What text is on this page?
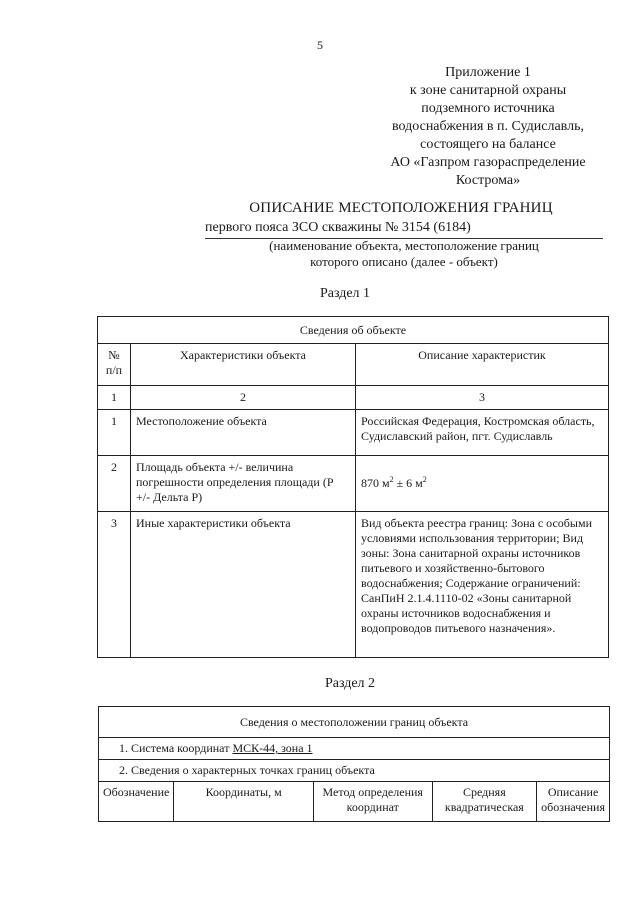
5
Приложение 1
к зоне санитарной охраны
подземного источника
водоснабжения в п. Судиславль,
состоящего на балансе
АО «Газпром газораспределение
Кострома»
ОПИСАНИЕ МЕСТОПОЛОЖЕНИЯ ГРАНИЦ
первого пояса ЗСО скважины № 3154 (6184)
(наименование объекта, местоположение границ
которого описано (далее - объект)
Раздел 1
Сведения об объекте		
№ п/п	Характеристики объекта	Описание характеристик
1	2	3
1	Местоположение объекта	Российская Федерация, Костромская область, Судиславский район, пгт. Судиславль
2	Площадь объекта +/- величина погрешности определения площади (Р +/- Дельта Р)	870 $м^2 \pm 6$ $м^2$
3	Иные характеристики объекта	Вид объекта реестра границ: Зона с особыми условиями использования территории; Вид зоны: Зона санитарной охраны источников питьевого и хозяйственно-бытового водоснабжения; Содержание ограничений: СанПиН 2.1.4.1110-02 «Зоны санитарной охраны источников водоснабжения и водопроводов питьевого назначения».
Раздел 2
Сведения о местоположении границ объекта
1. Система координат МСК-44, зона 1
2. Сведения о характерных точках границ объекта
Обозначение	Координаты, м	Метод определения координат	Средняя квадратическая	Описание обозначения
